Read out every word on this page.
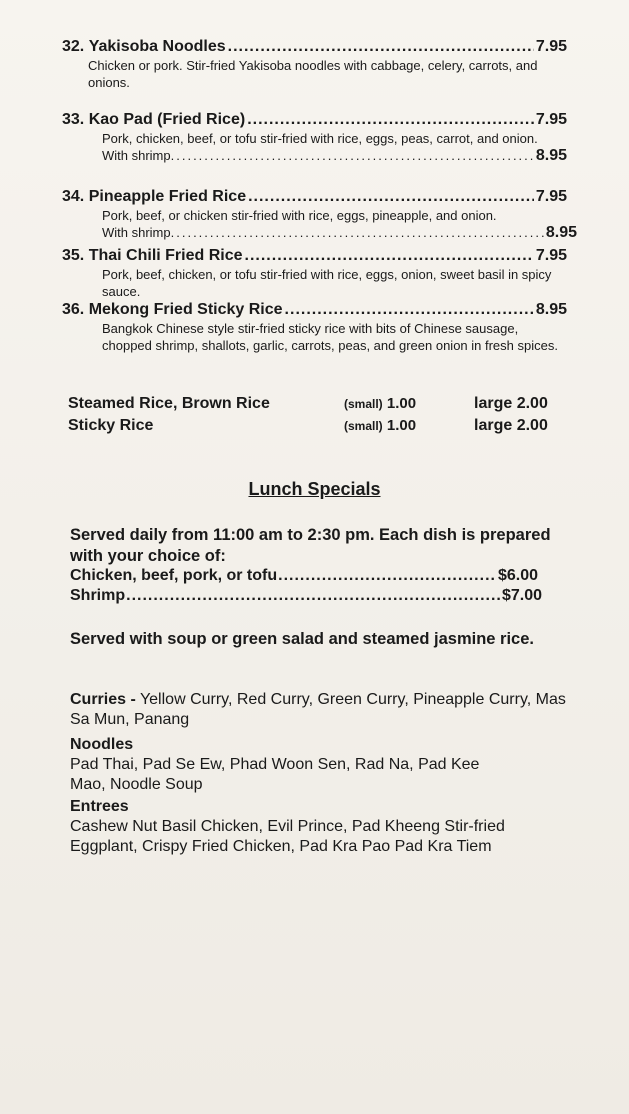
32.
Yakisoba Noodles .....	7.95
Chicken or pork. Stir-fried Yakisoba noodles with cabbage, celery, carrots, and onions.
33.
Kao Pad (Fried Rice) .....	7.95
Pork, chicken, beef, or tofu stir-fried with rice, eggs, peas, carrot, and onion.
With shrimp. .....	8.95
34.
Pineapple Fried Rice .....	7.95
Pork, beef, or chicken stir-fried with rice, eggs, pineapple, and onion.
With shrimp. .....	8.95
35.
Thai Chili Fried Rice .....	7.95
Pork, beef, chicken, or tofu stir-fried with rice, eggs, onion, sweet basil in spicy sauce.
36.
Mekong Fried Sticky Rice .....	8.95
Bangkok Chinese style stir-fried sticky rice with bits of Chinese sausage, chopped shrimp, shallots, garlic, carrots, peas, and green onion in fresh spices.
Steamed Rice, Brown Rice	(small) 1.00	large 2.00
Sticky Rice	(small) 1.00	large 2.00
Lunch Specials
Served daily from 11:00 am to 2:30 pm. Each dish is prepared with your choice of:
Chicken, beef, pork, or tofu .....	$6.00
Shrimp .....	$7.00
Served with soup or green salad and steamed jasmine rice.
Curries - Yellow Curry, Red Curry, Green Curry, Pineapple Curry, Mas Sa Mun, Panang
Noodles
Pad Thai, Pad Se Ew, Phad Woon Sen, Rad Na, Pad Kee Mao, Noodle Soup
Entrees
Cashew Nut Basil Chicken, Evil Prince, Pad Kheeng Stir-fried Eggplant, Crispy Fried Chicken, Pad Kra Pao Pad Kra Tiem
